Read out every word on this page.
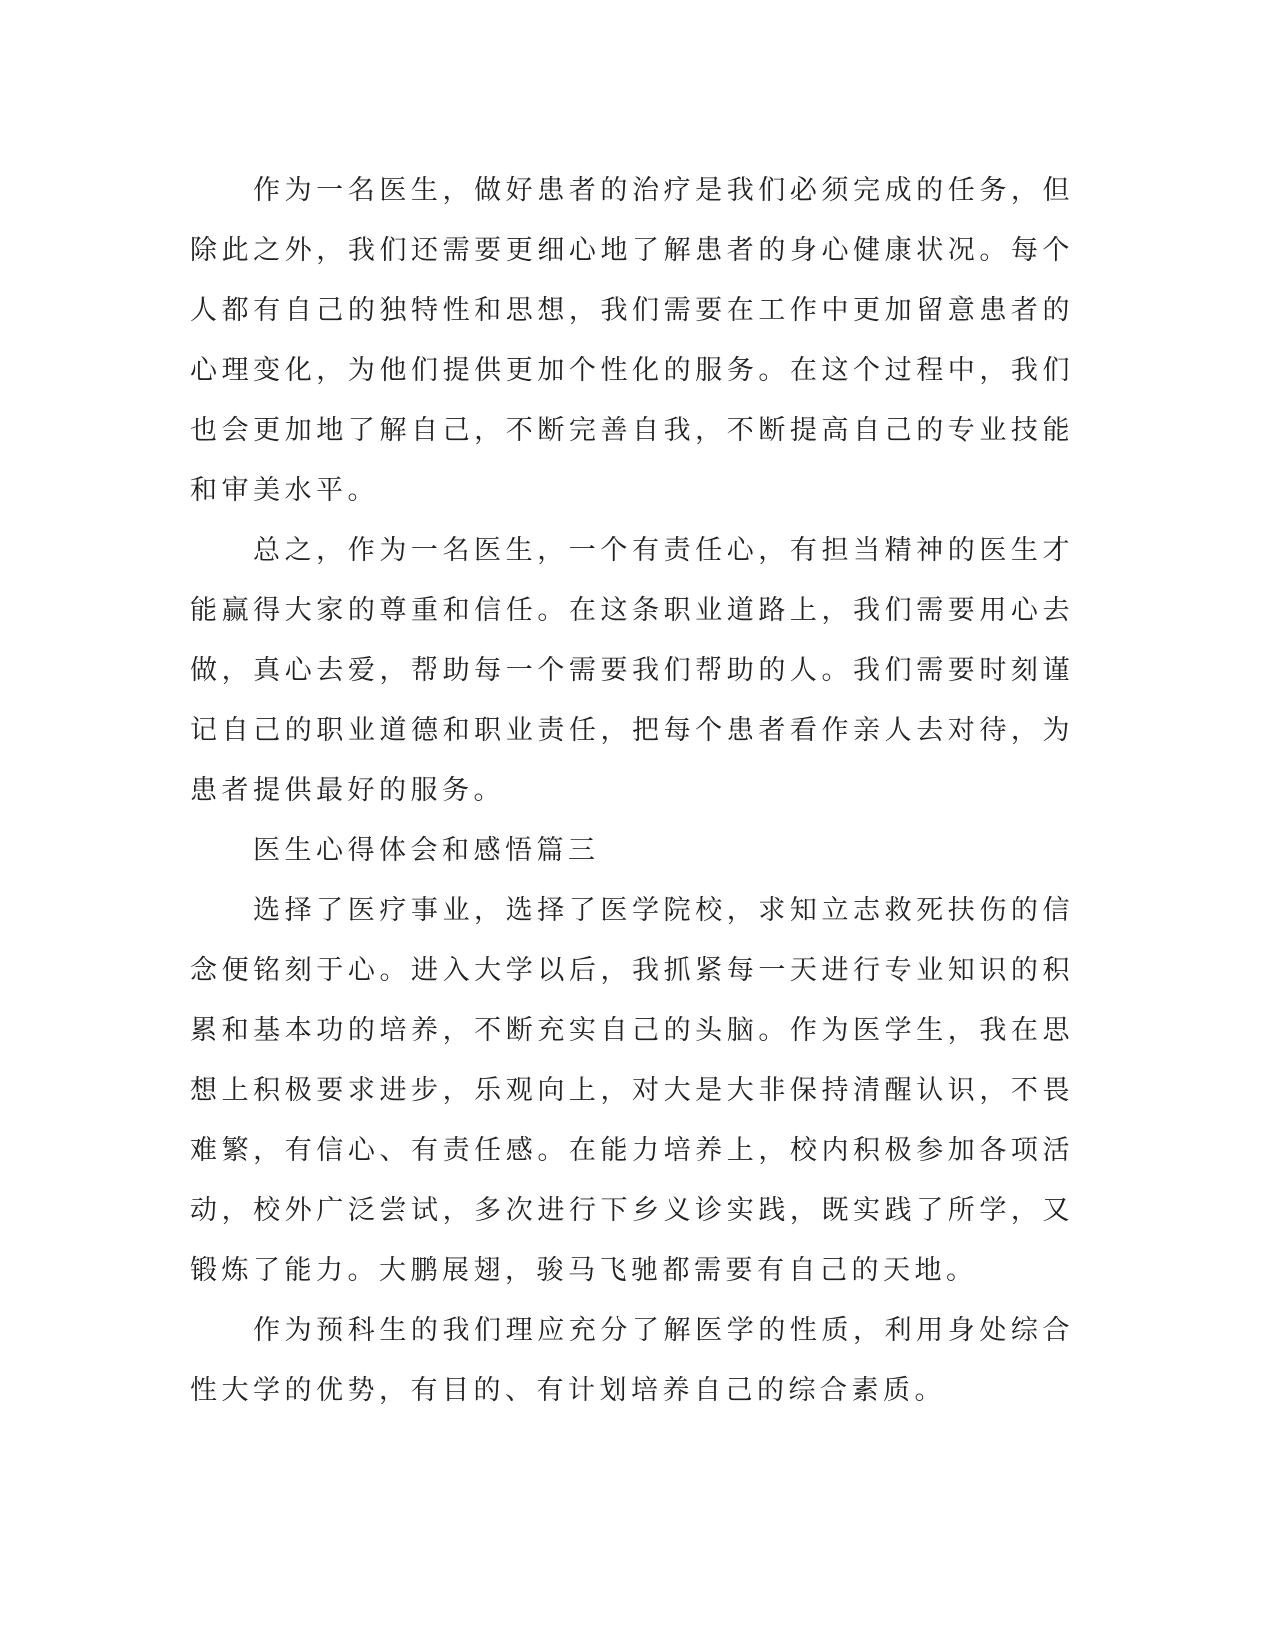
作为一名医生，做好患者的治疗是我们必须完成的任务，但除此之外，我们还需要更细心地了解患者的身心健康状况。每个人都有自己的独特性和思想，我们需要在工作中更加留意患者的心理变化，为他们提供更加个性化的服务。在这个过程中，我们也会更加地了解自己，不断完善自我，不断提高自己的专业技能和审美水平。

总之，作为一名医生，一个有责任心，有担当精神的医生才能赢得大家的尊重和信任。在这条职业道路上，我们需要用心去做，真心去爱，帮助每一个需要我们帮助的人。我们需要时刻谨记自己的职业道德和职业责任，把每个患者看作亲人去对待，为患者提供最好的服务。

医生心得体会和感悟篇三

选择了医疗事业，选择了医学院校，求知立志救死扶伤的信念便铭刻于心。进入大学以后，我抓紧每一天进行专业知识的积累和基本功的培养，不断充实自己的头脑。作为医学生，我在思想上积极要求进步，乐观向上，对大是大非保持清醒认识，不畏难繁，有信心、有责任感。在能力培养上，校内积极参加各项活动，校外广泛尝试，多次进行下乡义诊实践，既实践了所学，又锻炼了能力。大鹏展翅，骏马飞驰都需要有自己的天地。

作为预科生的我们理应充分了解医学的性质，利用身处综合性大学的优势，有目的、有计划培养自己的综合素质。
